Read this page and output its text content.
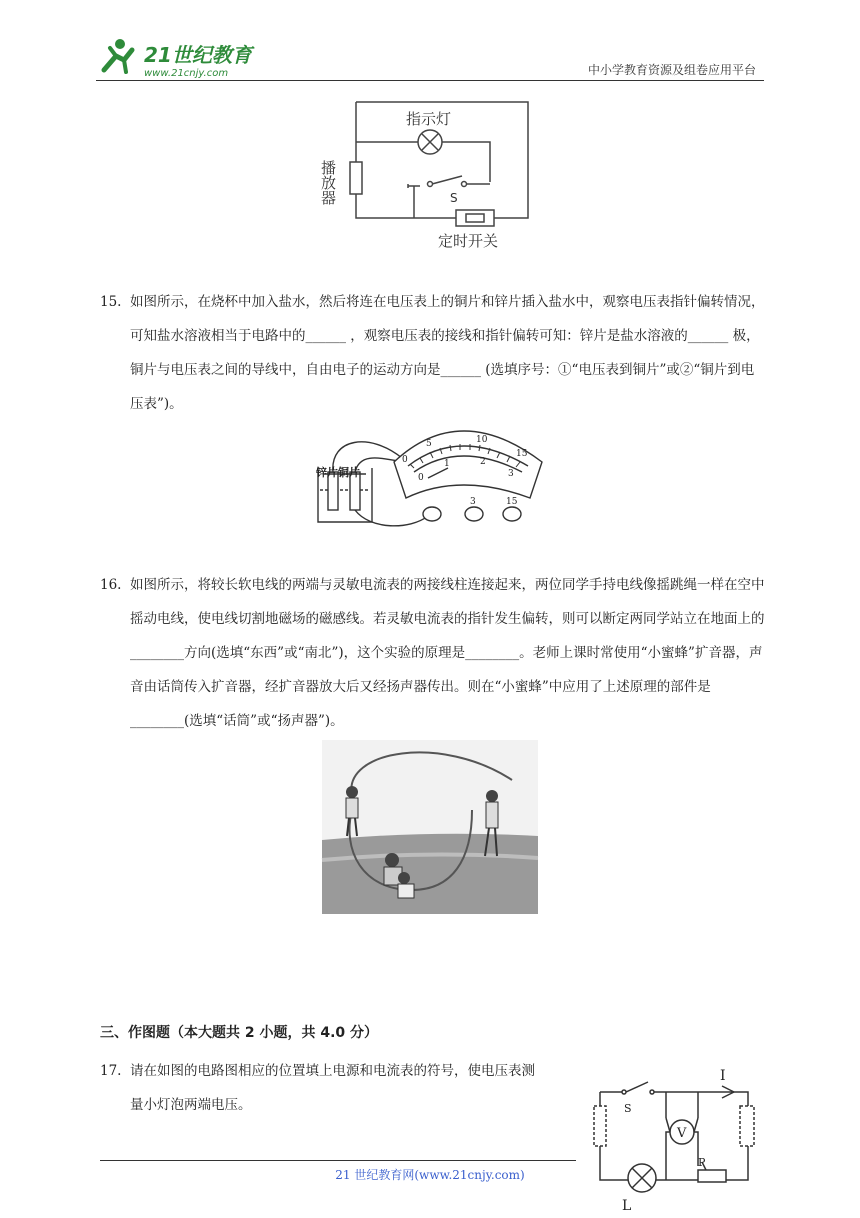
21世纪教育
www.21cnjy.com	中小学教育资源及组卷应用平台
指示灯
播放器	S
定时开关
15. 如图所示，在烧杯中加入盐水，然后将连在电压表上的铜片和锌片插入盐水中，观察电压表指针偏转情况，可知盐水溶液相当于电路中的______ ，观察电压表的接线和指针偏转可知：锌片是盐水溶液的______ 极，铜片与电压表之间的导线中，自由电子的运动方向是______ (选填序号：①“电压表到铜片”或②“铜片到电压表”)。
锌片铜片
0
5	10
15
0
1	2
3
3	15
16. 如图所示，将较长软电线的两端与灵敏电流表的两接线柱连接起来，两位同学手持电线像摇跳绳一样在空中摇动电线，使电线切割地磁场的磁感线。若灵敏电流表的指针发生偏转，则可以断定两同学站立在地面上的________方向(选填“东西”或“南北”)，这个实验的原理是________。老师上课时常使用“小蜜蜂”扩音器，声音由话筒传入扩音器，经扩音器放大后又经扬声器传出。则在“小蜜蜂”中应用了上述原理的部件是________(选填“话筒”或“扬声器”)。
三、作图题（本大题共 2 小题，共 4.0 分）
17. 请在如图的电路图相应的位置填上电源和电流表的符号，使电压表测量小灯泡两端电压。
I
S
V
L
P
21 世纪教育网(www.21cnjy.com)
